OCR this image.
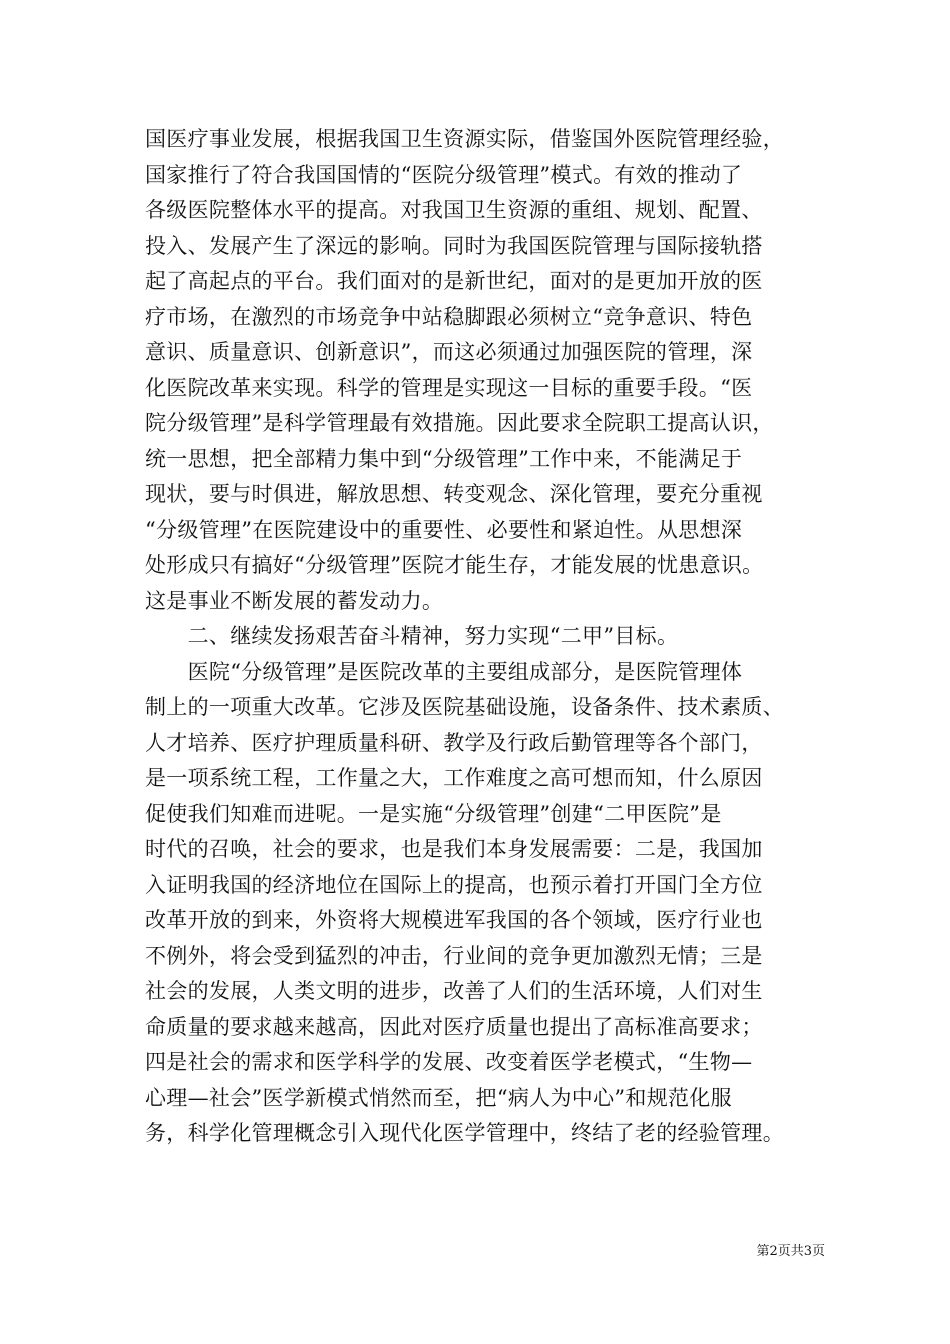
国医疗事业发展，根据我国卫生资源实际，借鉴国外医院管理经验，
国家推行了符合我国国情的“医院分级管理”模式。有效的推动了
各级医院整体水平的提高。对我国卫生资源的重组、规划、配置、
投入、发展产生了深远的影响。同时为我国医院管理与国际接轨搭
起了高起点的平台。我们面对的是新世纪，面对的是更加开放的医
疗市场，在激烈的市场竞争中站稳脚跟必须树立“竞争意识、特色
意识、质量意识、创新意识”，而这必须通过加强医院的管理，深
化医院改革来实现。科学的管理是实现这一目标的重要手段。“医
院分级管理”是科学管理最有效措施。因此要求全院职工提高认识，
统一思想，把全部精力集中到“分级管理”工作中来，不能满足于
现状，要与时俱进，解放思想、转变观念、深化管理，要充分重视
“分级管理”在医院建设中的重要性、必要性和紧迫性。从思想深
处形成只有搞好“分级管理”医院才能生存，才能发展的忧患意识。
这是事业不断发展的蓄发动力。
　　二、继续发扬艰苦奋斗精神，努力实现“二甲”目标。
　　医院“分级管理”是医院改革的主要组成部分，是医院管理体
制上的一项重大改革。它涉及医院基础设施，设备条件、技术素质、
人才培养、医疗护理质量科研、教学及行政后勤管理等各个部门，
是一项系统工程，工作量之大，工作难度之高可想而知，什么原因
促使我们知难而进呢。一是实施“分级管理”创建“二甲医院”是
时代的召唤，社会的要求，也是我们本身发展需要：二是，我国加
入证明我国的经济地位在国际上的提高，也预示着打开国门全方位
改革开放的到来，外资将大规模进军我国的各个领域，医疗行业也
不例外，将会受到猛烈的冲击，行业间的竞争更加激烈无情；三是
社会的发展，人类文明的进步，改善了人们的生活环境，人们对生
命质量的要求越来越高，因此对医疗质量也提出了高标准高要求；
四是社会的需求和医学科学的发展、改变着医学老模式，“生物—
心理—社会”医学新模式悄然而至，把“病人为中心”和规范化服
务，科学化管理概念引入现代化医学管理中，终结了老的经验管理。
第2页共3页
